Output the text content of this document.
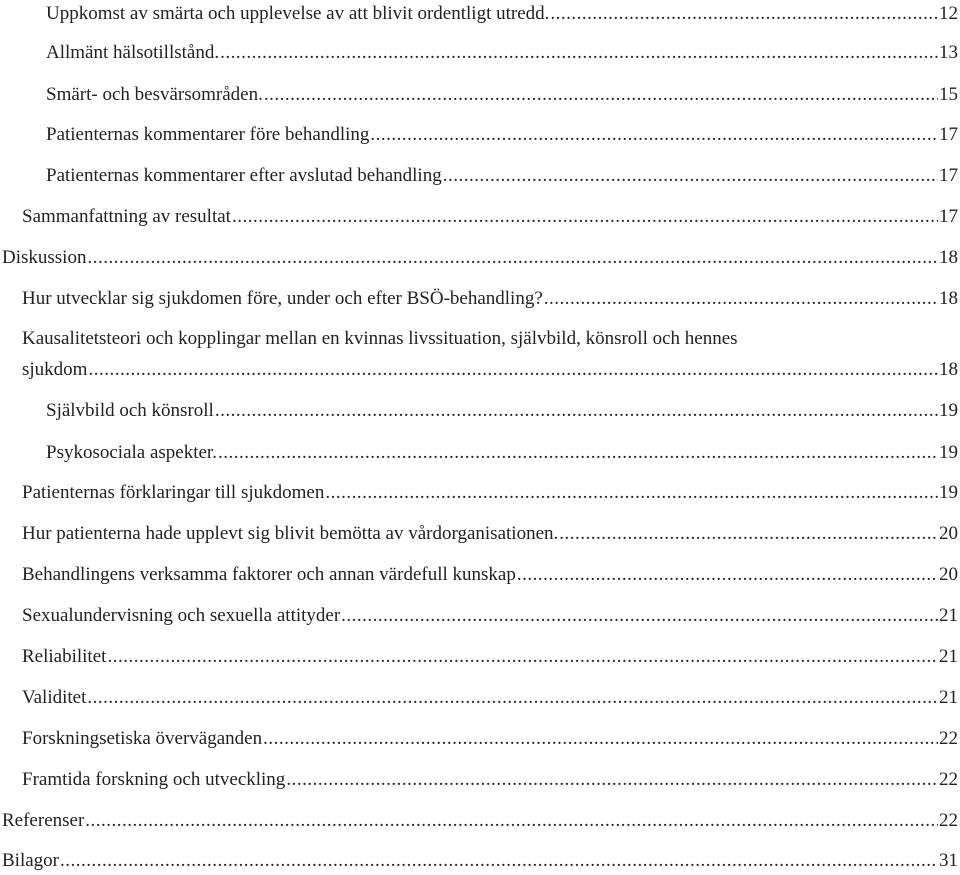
Uppkomst av smärta och upplevelse av att blivit ordentligt utredd. .....	12
Allmänt hälsotillstånd. .....	13
Smärt- och besvärsområden. .....	15
Patienternas kommentarer före behandling .....	17
Patienternas kommentarer efter avslutad behandling .....	17
Sammanfattning av resultat .....	17
Diskussion .....	18
Hur utvecklar sig sjukdomen före, under och efter BSÖ-behandling? .....	18
Kausalitetsteori och kopplingar mellan en kvinnas livssituation, självbild, könsroll och hennes
sjukdom .....	18
Självbild och könsroll .....	19
Psykosociala aspekter. .....	19
Patienternas förklaringar till sjukdomen .....	19
Hur patienterna hade upplevt sig blivit bemötta av vårdorganisationen. .....	20
Behandlingens verksamma faktorer och annan värdefull kunskap .....	20
Sexualundervisning och sexuella attityder .....	21
Reliabilitet .....	21
Validitet .....	21
Forskningsetiska överväganden .....	22
Framtida forskning och utveckling .....	22
Referenser .....	22
Bilagor .....	31
